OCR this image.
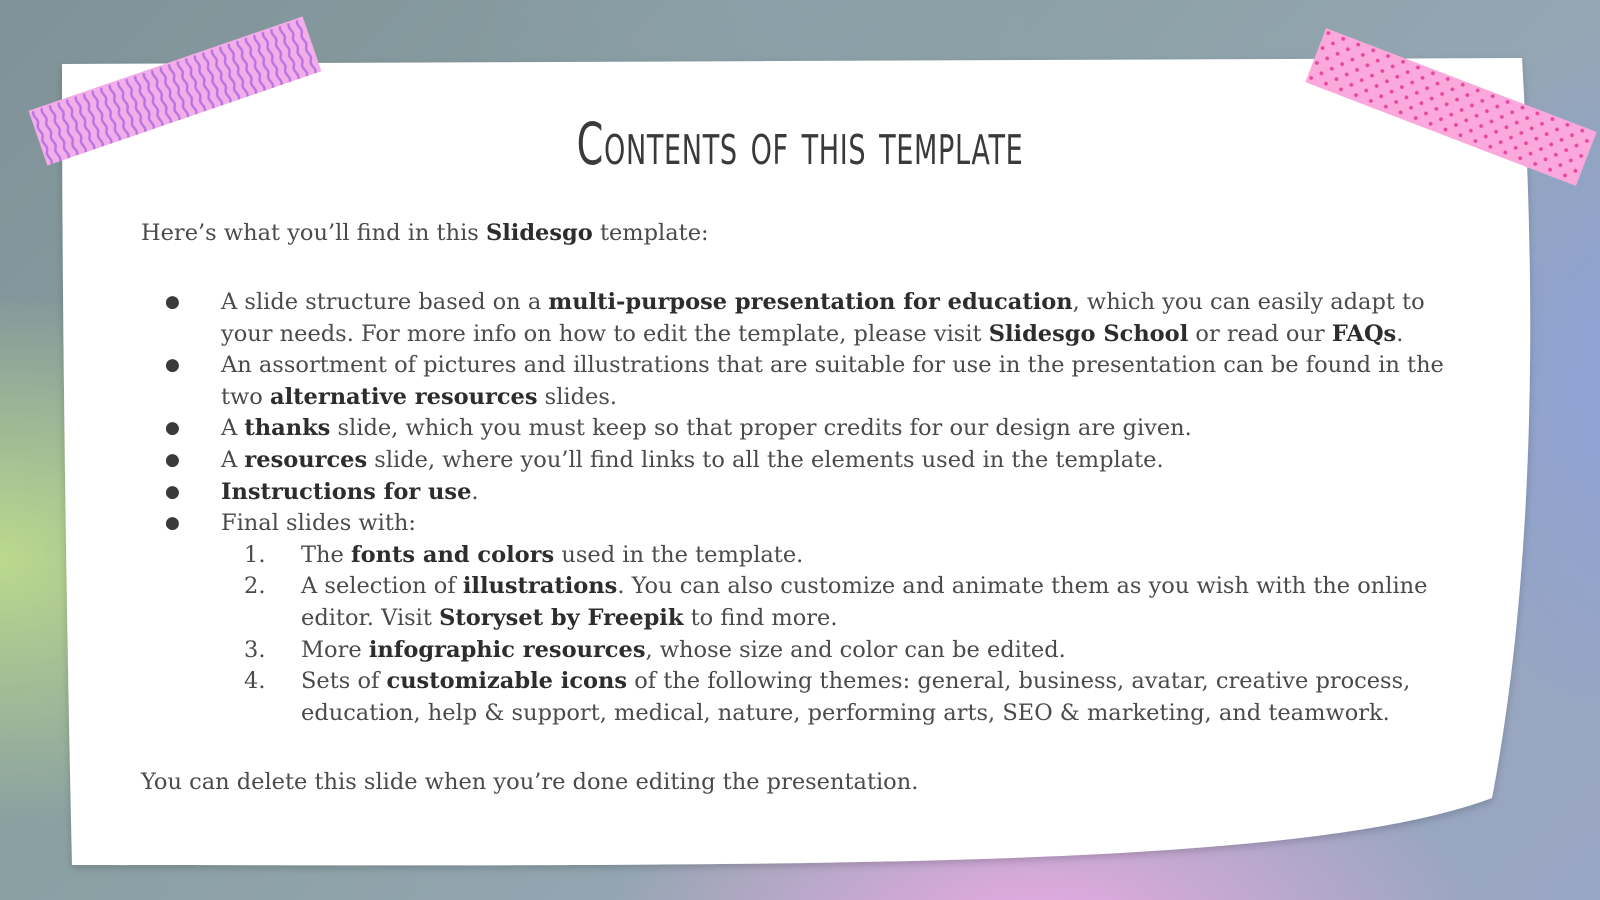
Contents of this template
Here’s what you’ll find in this Slidesgo template:
● A slide structure based on a multi-purpose presentation for education, which you can easily adapt to your needs. For more info on how to edit the template, please visit Slidesgo School or read our FAQs.
● An assortment of pictures and illustrations that are suitable for use in the presentation can be found in the two alternative resources slides.
● A thanks slide, which you must keep so that proper credits for our design are given.
● A resources slide, where you’ll find links to all the elements used in the template.
● Instructions for use.
● Final slides with:
1. The fonts and colors used in the template.
2. A selection of illustrations. You can also customize and animate them as you wish with the online editor. Visit Storyset by Freepik to find more.
3. More infographic resources, whose size and color can be edited.
4. Sets of customizable icons of the following themes: general, business, avatar, creative process, education, help & support, medical, nature, performing arts, SEO & marketing, and teamwork.
You can delete this slide when you’re done editing the presentation.
